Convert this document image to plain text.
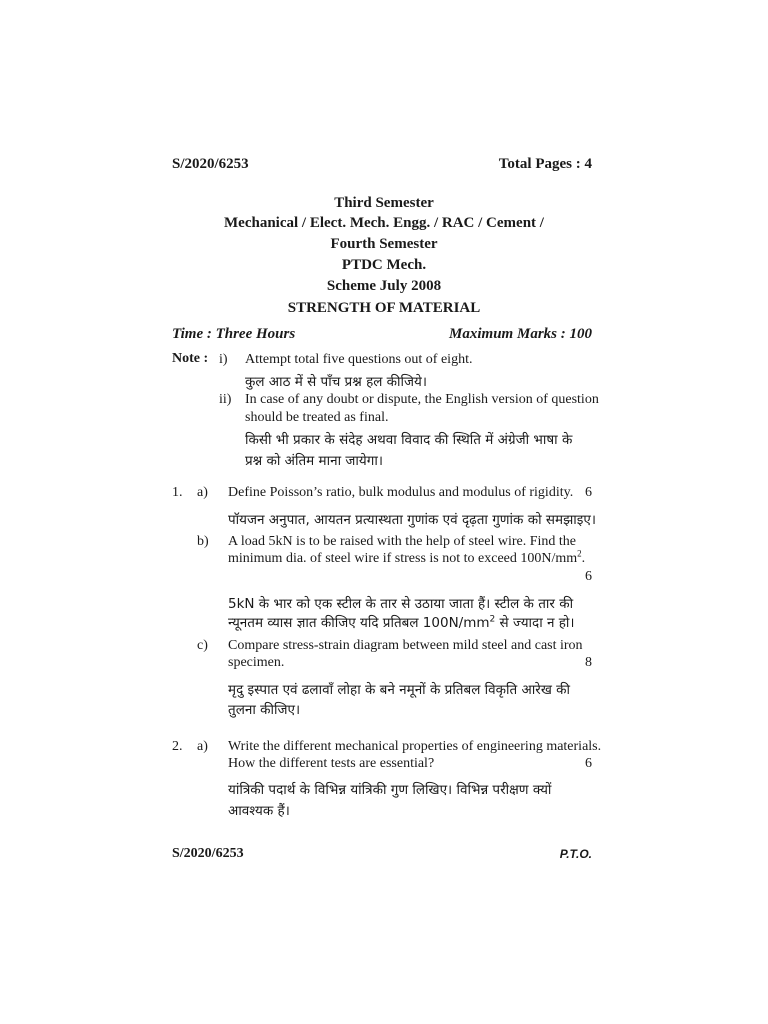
S/2020/6253	Total Pages : 4
Third Semester
Mechanical / Elect. Mech. Engg. / RAC / Cement /
Fourth Semester
PTDC Mech.
Scheme July 2008
STRENGTH OF MATERIAL
Time : Three Hours	Maximum Marks : 100
Note : i) Attempt total five questions out of eight.
कुल आठ में से पाँच प्रश्न हल कीजिये।
ii) In case of any doubt or dispute, the English version of question
should be treated as final.
किसी भी प्रकार के संदेह अथवा विवाद की स्थिति में अंग्रेजी भाषा के
प्रश्न को अंतिम माना जायेगा।
1. a) Define Poisson’s ratio, bulk modulus and modulus of rigidity. 6
पॉयजन अनुपात, आयतन प्रत्यास्थता गुणांक एवं दृढ़ता गुणांक को समझाइए।
b) A load 5kN is to be raised with the help of steel wire. Find the
minimum dia. of steel wire if stress is not to exceed $100N/mm^2$.
6
5kN के भार को एक स्टील के तार से उठाया जाता हैं। स्टील के तार की
न्यूनतम व्यास ज्ञात कीजिए यदि प्रतिबल $100N/mm^2$ से ज्यादा न हो।
c) Compare stress-strain diagram between mild steel and cast iron
specimen.	8
मृदु इस्पात एवं ढलावाँ लोहा के बने नमूनों के प्रतिबल विकृति आरेख की
तुलना कीजिए।
2. a) Write the different mechanical properties of engineering materials.
How the different tests are essential?	6
यांत्रिकी पदार्थ के विभिन्न यांत्रिकी गुण लिखिए। विभिन्न परीक्षण क्यों
आवश्यक हैं।
S/2020/6253	P.T.O.
